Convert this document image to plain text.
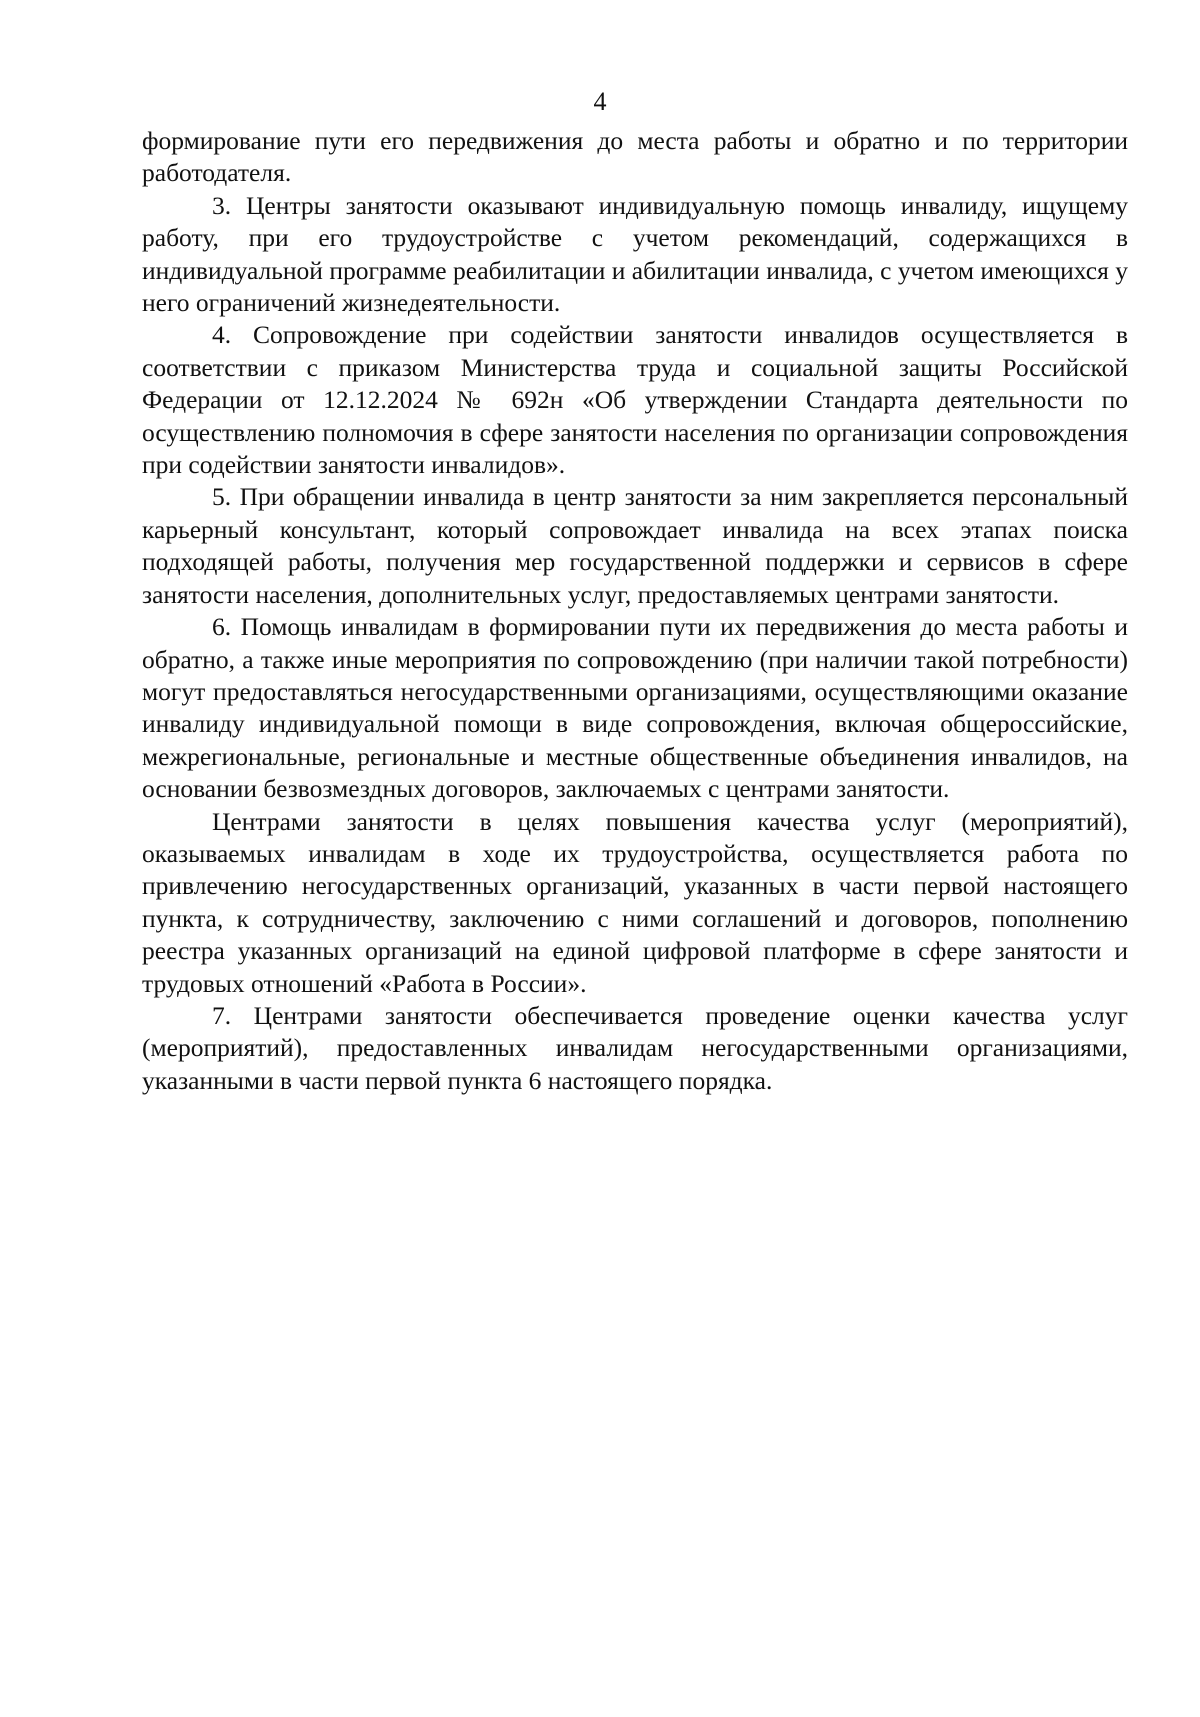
4

формирование пути его передвижения до места работы и обратно и по территории работодателя.

3. Центры занятости оказывают индивидуальную помощь инвалиду, ищущему работу, при его трудоустройстве с учетом рекомендаций, содержащихся в индивидуальной программе реабилитации и абилитации инвалида, с учетом имеющихся у него ограничений жизнедеятельности.

4. Сопровождение при содействии занятости инвалидов осуществляется в соответствии с приказом Министерства труда и социальной защиты Российской Федерации от 12.12.2024 № 692н «Об утверждении Стандарта деятельности по осуществлению полномочия в сфере занятости населения по организации сопровождения при содействии занятости инвалидов».

5. При обращении инвалида в центр занятости за ним закрепляется персональный карьерный консультант, который сопровождает инвалида на всех этапах поиска подходящей работы, получения мер государственной поддержки и сервисов в сфере занятости населения, дополнительных услуг, предоставляемых центрами занятости.

6. Помощь инвалидам в формировании пути их передвижения до места работы и обратно, а также иные мероприятия по сопровождению (при наличии такой потребности) могут предоставляться негосударственными организациями, осуществляющими оказание инвалиду индивидуальной помощи в виде сопровождения, включая общероссийские, межрегиональные, региональные и местные общественные объединения инвалидов, на основании безвозмездных договоров, заключаемых с центрами занятости.

Центрами занятости в целях повышения качества услуг (мероприятий), оказываемых инвалидам в ходе их трудоустройства, осуществляется работа по привлечению негосударственных организаций, указанных в части первой настоящего пункта, к сотрудничеству, заключению с ними соглашений и договоров, пополнению реестра указанных организаций на единой цифровой платформе в сфере занятости и трудовых отношений «Работа в России».

7. Центрами занятости обеспечивается проведение оценки качества услуг (мероприятий), предоставленных инвалидам негосударственными организациями, указанными в части первой пункта 6 настоящего порядка.
